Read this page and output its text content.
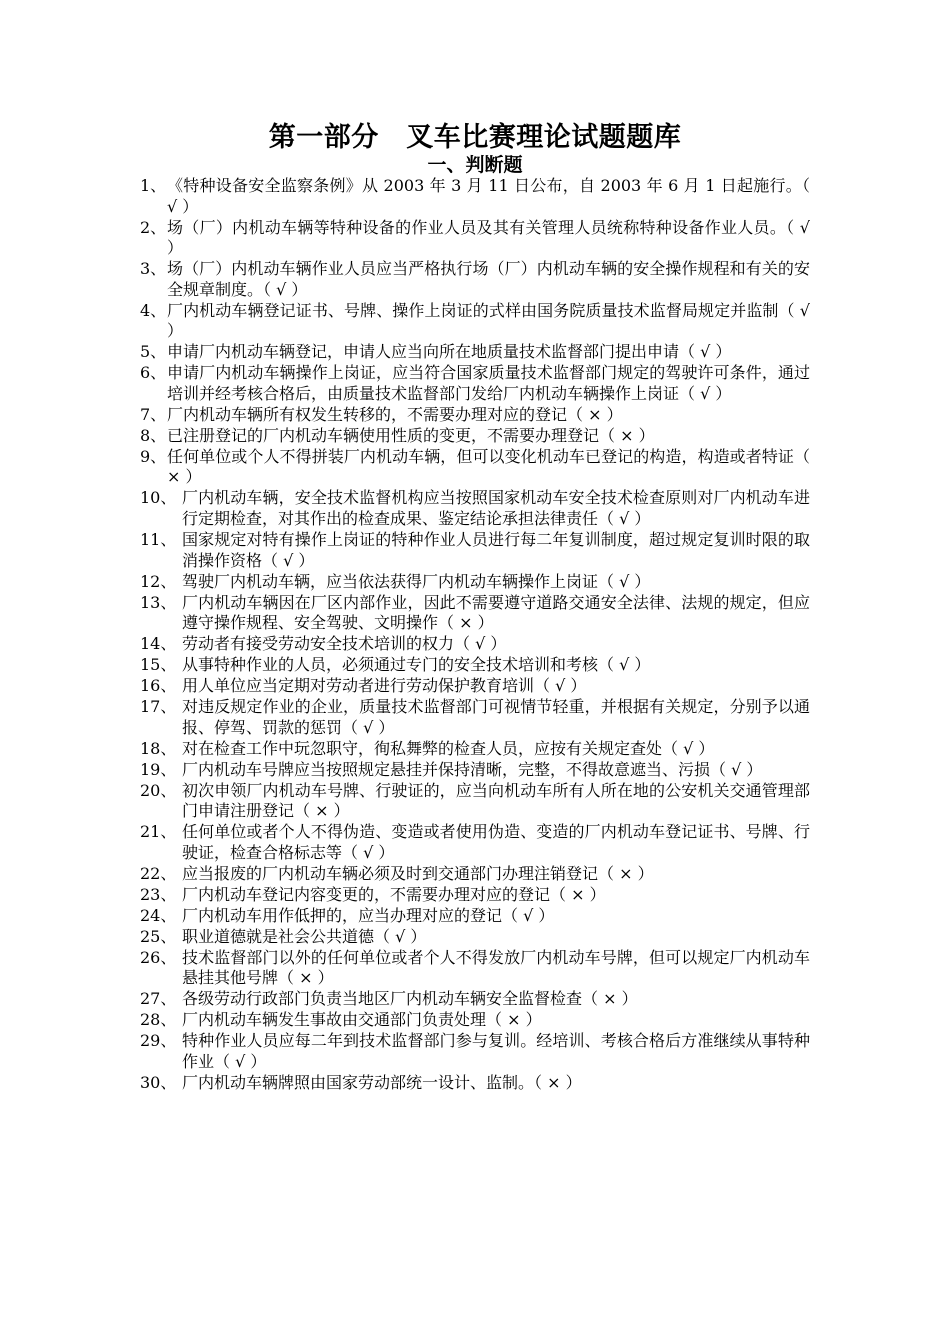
第一部分　叉车比赛理论试题题库
一、判断题
1、 《特种设备安全监察条例》从 2003 年 3 月 11 日公布，自 2003 年 6 月 1 日起施行。（ √ ）
2、 场（厂）内机动车辆等特种设备的作业人员及其有关管理人员统称特种设备作业人员。（ √ ）
3、 场（厂）内机动车辆作业人员应当严格执行场（厂）内机动车辆的安全操作规程和有关的安全规章制度。（ √ ）
4、 厂内机动车辆登记证书、号牌、操作上岗证的式样由国务院质量技术监督局规定并监制（ √ ）
5、 申请厂内机动车辆登记，申请人应当向所在地质量技术监督部门提出申请（ √ ）
6、 申请厂内机动车辆操作上岗证，应当符合国家质量技术监督部门规定的驾驶许可条件，通过培训并经考核合格后，由质量技术监督部门发给厂内机动车辆操作上岗证（ √ ）
7、 厂内机动车辆所有权发生转移的，不需要办理对应的登记（ × ）
8、 已注册登记的厂内机动车辆使用性质的变更，不需要办理登记（ × ）
9、 任何单位或个人不得拼装厂内机动车辆，但可以变化机动车已登记的构造，构造或者特证（ × ）
10、 厂内机动车辆，安全技术监督机构应当按照国家机动车安全技术检查原则对厂内机动车进行定期检查，对其作出的检查成果、鉴定结论承担法律责任（ √ ）
11、 国家规定对特有操作上岗证的特种作业人员进行每二年复训制度，超过规定复训时限的取消操作资格（ √ ）
12、 驾驶厂内机动车辆，应当依法获得厂内机动车辆操作上岗证（ √ ）
13、 厂内机动车辆因在厂区内部作业，因此不需要遵守道路交通安全法律、法规的规定，但应遵守操作规程、安全驾驶、文明操作（ × ）
14、 劳动者有接受劳动安全技术培训的权力（ √ ）
15、 从事特种作业的人员，必须通过专门的安全技术培训和考核（ √ ）
16、 用人单位应当定期对劳动者进行劳动保护教育培训（ √ ）
17、 对违反规定作业的企业，质量技术监督部门可视情节轻重，并根据有关规定，分别予以通报、停驾、罚款的惩罚（ √ ）
18、 对在检查工作中玩忽职守，徇私舞弊的检查人员，应按有关规定查处（ √ ）
19、 厂内机动车号牌应当按照规定悬挂并保持清晰，完整，不得故意遮当、污损（ √ ）
20、 初次申领厂内机动车号牌、行驶证的，应当向机动车所有人所在地的公安机关交通管理部门申请注册登记（ × ）
21、 任何单位或者个人不得伪造、变造或者使用伪造、变造的厂内机动车登记证书、号牌、行驶证，检查合格标志等（ √ ）
22、 应当报废的厂内机动车辆必须及时到交通部门办理注销登记（ × ）
23、 厂内机动车登记内容变更的，不需要办理对应的登记（ × ）
24、 厂内机动车用作低押的，应当办理对应的登记（ √ ）
25、 职业道德就是社会公共道德（ √ ）
26、 技术监督部门以外的任何单位或者个人不得发放厂内机动车号牌，但可以规定厂内机动车悬挂其他号牌（ × ）
27、 各级劳动行政部门负责当地区厂内机动车辆安全监督检查（ × ）
28、 厂内机动车辆发生事故由交通部门负责处理（ × ）
29、 特种作业人员应每二年到技术监督部门参与复训。经培训、考核合格后方准继续从事特种作业（ √ ）
30、 厂内机动车辆牌照由国家劳动部统一设计、监制。（ × ）
